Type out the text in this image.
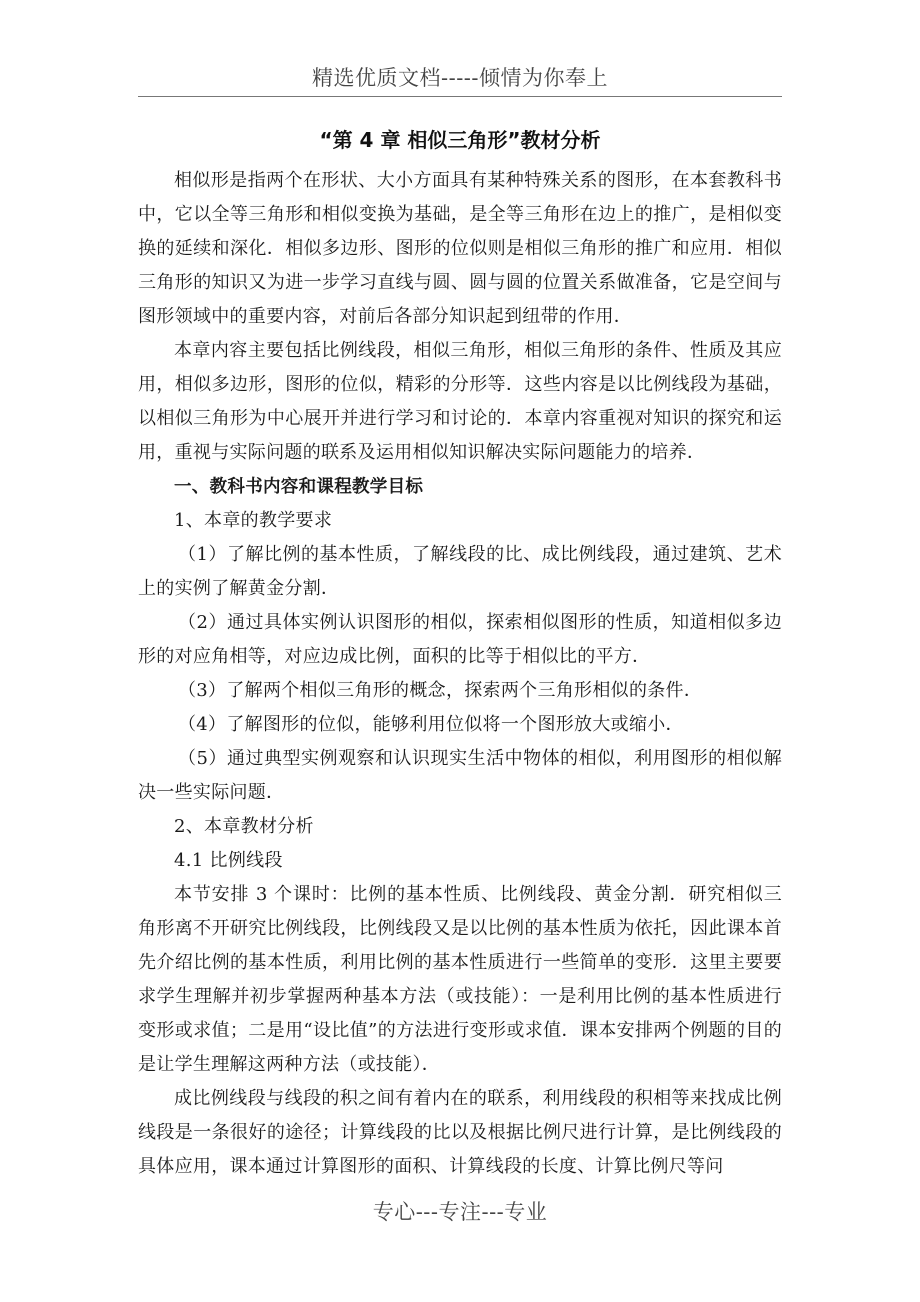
精选优质文档-----倾情为你奉上
“第 4 章 相似三角形”教材分析

相似形是指两个在形状、大小方面具有某种特殊关系的图形，在本套教科书中，它以全等三角形和相似变换为基础，是全等三角形在边上的推广，是相似变换的延续和深化．相似多边形、图形的位似则是相似三角形的推广和应用．相似三角形的知识又为进一步学习直线与圆、圆与圆的位置关系做准备，它是空间与图形领域中的重要内容，对前后各部分知识起到纽带的作用．

本章内容主要包括比例线段，相似三角形，相似三角形的条件、性质及其应用，相似多边形，图形的位似，精彩的分形等．这些内容是以比例线段为基础，以相似三角形为中心展开并进行学习和讨论的．本章内容重视对知识的探究和运用，重视与实际问题的联系及运用相似知识解决实际问题能力的培养．

一、教科书内容和课程教学目标

1、本章的教学要求

（1）了解比例的基本性质，了解线段的比、成比例线段，通过建筑、艺术上的实例了解黄金分割．

（2）通过具体实例认识图形的相似，探索相似图形的性质，知道相似多边形的对应角相等，对应边成比例，面积的比等于相似比的平方．

（3）了解两个相似三角形的概念，探索两个三角形相似的条件．

（4）了解图形的位似，能够利用位似将一个图形放大或缩小．

（5）通过典型实例观察和认识现实生活中物体的相似，利用图形的相似解决一些实际问题．

2、本章教材分析

4.1 比例线段

本节安排 3 个课时：比例的基本性质、比例线段、黄金分割．研究相似三角形离不开研究比例线段，比例线段又是以比例的基本性质为依托，因此课本首先介绍比例的基本性质，利用比例的基本性质进行一些简单的变形．这里主要要求学生理解并初步掌握两种基本方法（或技能）：一是利用比例的基本性质进行变形或求值；二是用“设比值”的方法进行变形或求值．课本安排两个例题的目的是让学生理解这两种方法（或技能）．

成比例线段与线段的积之间有着内在的联系，利用线段的积相等来找成比例线段是一条很好的途径；计算线段的比以及根据比例尺进行计算，是比例线段的具体应用，课本通过计算图形的面积、计算线段的长度、计算比例尺等问

专心---专注---专业
